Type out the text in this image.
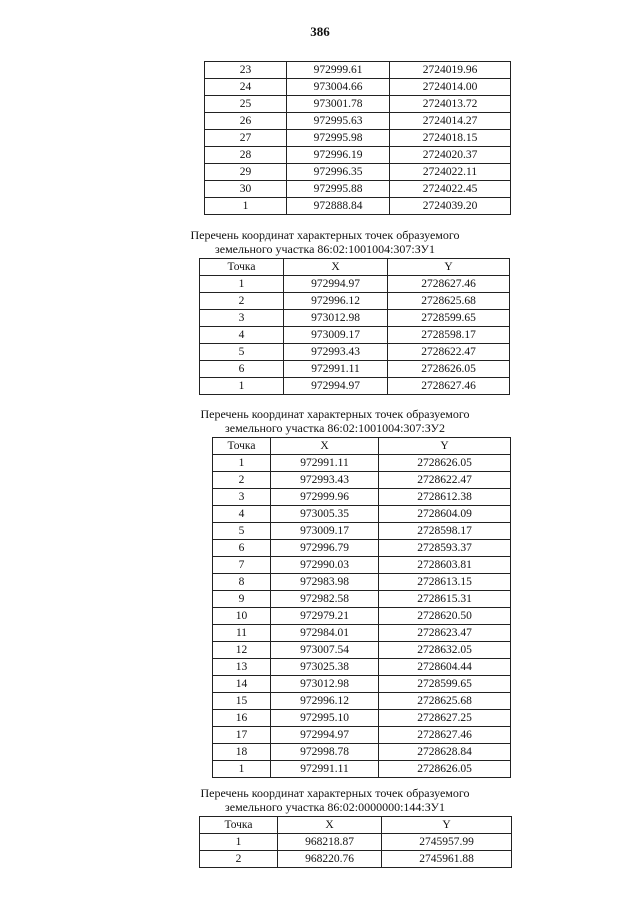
386
23	972999.61	2724019.96
24	973004.66	2724014.00
25	973001.78	2724013.72
26	972995.63	2724014.27
27	972995.98	2724018.15
28	972996.19	2724020.37
29	972996.35	2724022.11
30	972995.88	2724022.45
1	972888.84	2724039.20
Перечень координат характерных точек образуемого
земельного участка 86:02:1001004:307:ЗУ1
Точка	X	Y
1	972994.97	2728627.46
2	972996.12	2728625.68
3	973012.98	2728599.65
4	973009.17	2728598.17
5	972993.43	2728622.47
6	972991.11	2728626.05
1	972994.97	2728627.46
Перечень координат характерных точек образуемого
земельного участка 86:02:1001004:307:ЗУ2
Точка	X	Y
1	972991.11	2728626.05
2	972993.43	2728622.47
3	972999.96	2728612.38
4	973005.35	2728604.09
5	973009.17	2728598.17
6	972996.79	2728593.37
7	972990.03	2728603.81
8	972983.98	2728613.15
9	972982.58	2728615.31
10	972979.21	2728620.50
11	972984.01	2728623.47
12	973007.54	2728632.05
13	973025.38	2728604.44
14	973012.98	2728599.65
15	972996.12	2728625.68
16	972995.10	2728627.25
17	972994.97	2728627.46
18	972998.78	2728628.84
1	972991.11	2728626.05
Перечень координат характерных точек образуемого
земельного участка 86:02:0000000:144:ЗУ1
Точка	X	Y
1	968218.87	2745957.99
2	968220.76	2745961.88
